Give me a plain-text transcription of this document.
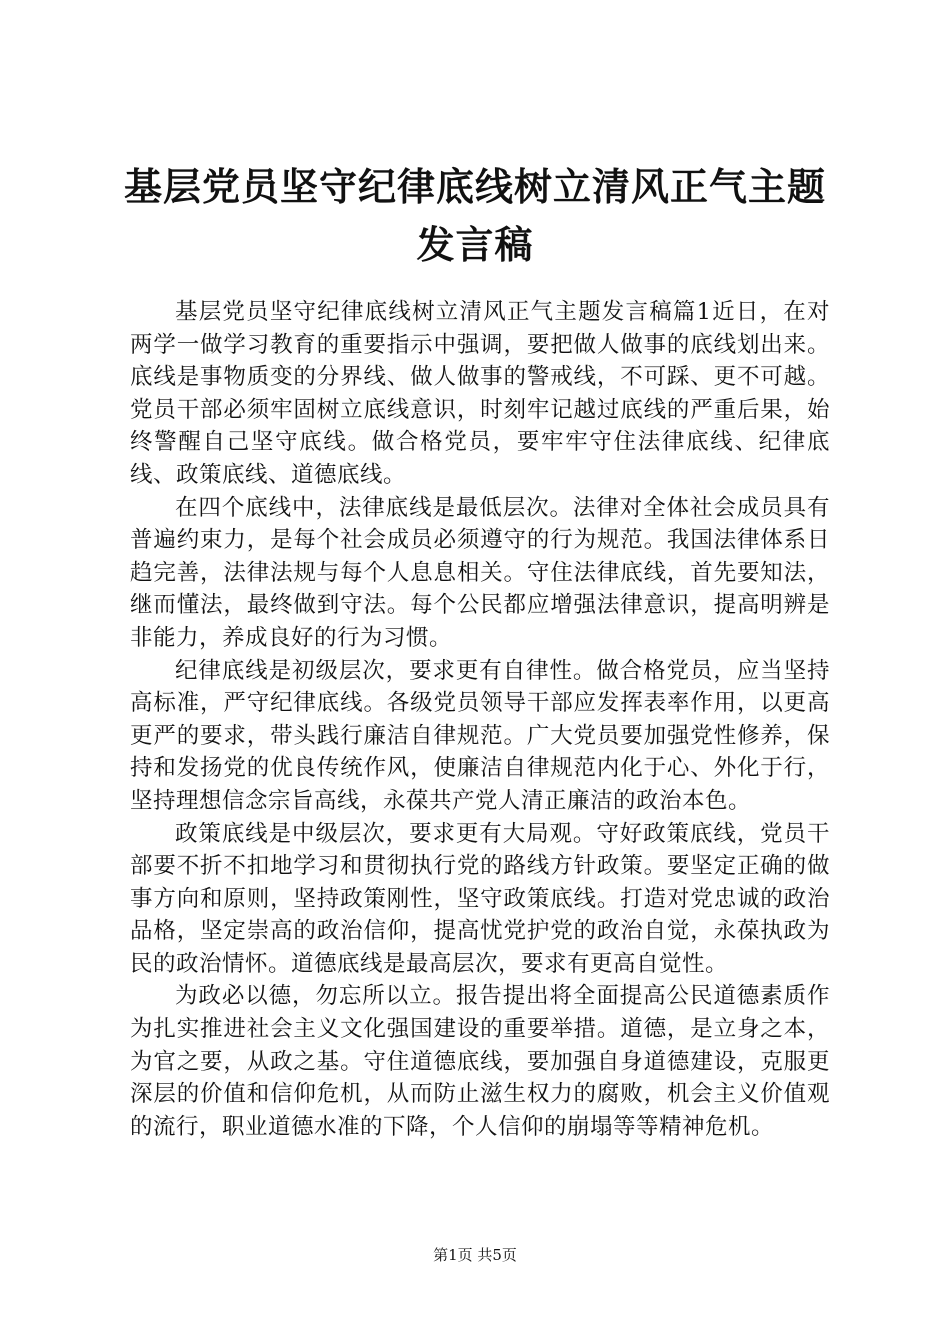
基层党员坚守纪律底线树立清风正气主题发言稿

基层党员坚守纪律底线树立清风正气主题发言稿篇1近日，在对两学一做学习教育的重要指示中强调，要把做人做事的底线划出来。底线是事物质变的分界线、做人做事的警戒线，不可踩、更不可越。党员干部必须牢固树立底线意识，时刻牢记越过底线的严重后果，始终警醒自己坚守底线。做合格党员，要牢牢守住法律底线、纪律底线、政策底线、道德底线。

在四个底线中，法律底线是最低层次。法律对全体社会成员具有普遍约束力，是每个社会成员必须遵守的行为规范。我国法律体系日趋完善，法律法规与每个人息息相关。守住法律底线，首先要知法，继而懂法，最终做到守法。每个公民都应增强法律意识，提高明辨是非能力，养成良好的行为习惯。

纪律底线是初级层次，要求更有自律性。做合格党员，应当坚持高标准，严守纪律底线。各级党员领导干部应发挥表率作用，以更高更严的要求，带头践行廉洁自律规范。广大党员要加强党性修养，保持和发扬党的优良传统作风，使廉洁自律规范内化于心、外化于行，坚持理想信念宗旨高线，永葆共产党人清正廉洁的政治本色。

政策底线是中级层次，要求更有大局观。守好政策底线，党员干部要不折不扣地学习和贯彻执行党的路线方针政策。要坚定正确的做事方向和原则，坚持政策刚性，坚守政策底线。打造对党忠诚的政治品格，坚定崇高的政治信仰，提高忧党护党的政治自觉，永葆执政为民的政治情怀。道德底线是最高层次，要求有更高自觉性。

为政必以德，勿忘所以立。报告提出将全面提高公民道德素质作为扎实推进社会主义文化强国建设的重要举措。道德，是立身之本，为官之要，从政之基。守住道德底线，要加强自身道德建设，克服更深层的价值和信仰危机，从而防止滋生权力的腐败，机会主义价值观的流行，职业道德水准的下降，个人信仰的崩塌等等精神危机。

第1页 共5页
